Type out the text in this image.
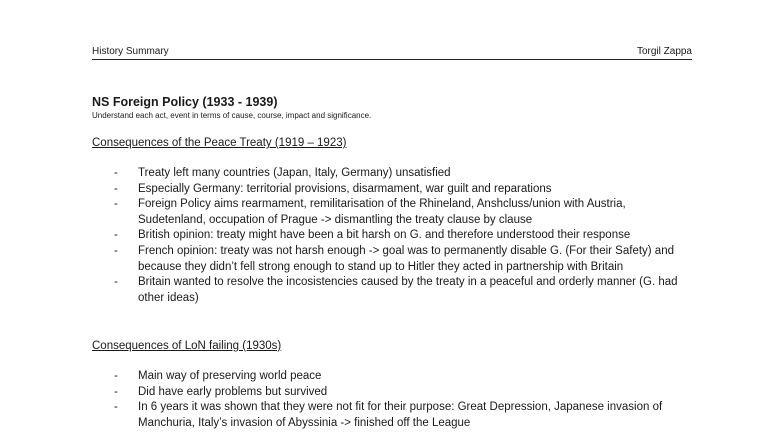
History Summary	Torgil Zappa
NS Foreign Policy (1933 - 1939)

Understand each act, event in terms of cause, course, impact and significance.

Consequences of the Peace Treaty (1919 – 1923)

- Treaty left many countries (Japan, Italy, Germany) unsatisfied
- Especially Germany: territorial provisions, disarmament, war guilt and reparations
- Foreign Policy aims rearmament, remilitarisation of the Rhineland, Anshcluss/union with Austria, Sudetenland, occupation of Prague -> dismantling the treaty clause by clause
- British opinion: treaty might have been a bit harsh on G. and therefore understood their response
- French opinion: treaty was not harsh enough -> goal was to permanently disable G. (For their Safety) and because they didn’t fell strong enough to stand up to Hitler they acted in partnership with Britain
- Britain wanted to resolve the incosistencies caused by the treaty in a peaceful and orderly manner (G. had other ideas)

Consequences of LoN failing (1930s)

- Main way of preserving world peace
- Did have early problems but survived
- In 6 years it was shown that they were not fit for their purpose: Great Depression, Japanese invasion of Manchuria, Italy’s invasion of Abyssinia -> finished off the League
